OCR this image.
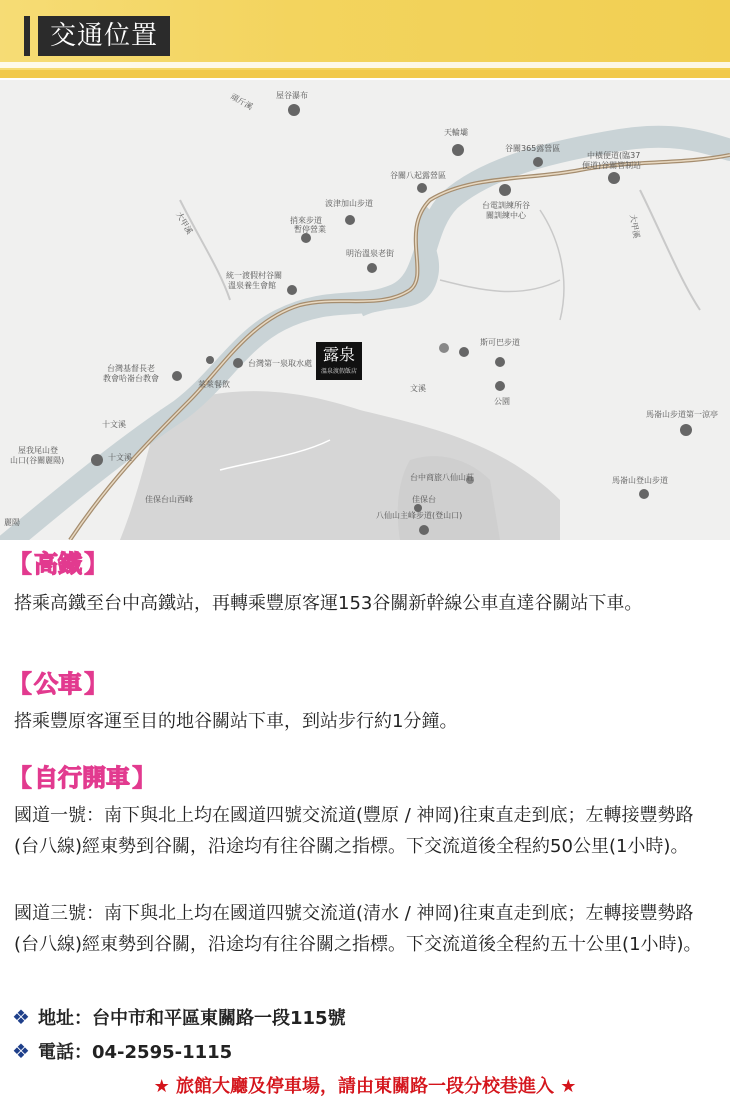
交通位置
屋谷瀑布
天輪壩
谷關365露營區
中橫便道(臨37
便道)谷關管制站
谷關八起露營區
波津加山步道
捎來步道
暫停營業
台電訓練所谷
關訓練中心
明治溫泉老街
統一渡假村谷關
溫泉養生會館
斯可巴步道
公園
台灣基督長老
教會哈崙台教會
台灣第一泉取水處
萊萊餐飲	文溪
十文溪
馬崙山步道第一涼亭
屋我尾山登
山口(谷關麗陽)	十文溪
台中商旅八仙山莊	馬崙山登山步道
佳保台山西峰	佳保台
八仙山主峰步道(登山口)
麗陽
大甲溪
頑斤溪
大甲溪
露泉
溫泉渡假飯店
【高鐵】
搭乘高鐵至台中高鐵站，再轉乘豐原客運153谷關新幹線公車直達谷關站下車。
【公車】
搭乘豐原客運至目的地谷關站下車，到站步行約1分鐘。
【自行開車】
國道一號：南下與北上均在國道四號交流道(豐原 / 神岡)往東直走到底；左轉接豐勢路(台八線)經東勢到谷關，沿途均有往谷關之指標。下交流道後全程約50公里(1小時)。
國道三號：南下與北上均在國道四號交流道(清水 / 神岡)往東直走到底；左轉接豐勢路(台八線)經東勢到谷關，沿途均有往谷關之指標。下交流道後全程約五十公里(1小時)。
❖ 地址：台中市和平區東關路一段115號
❖ 電話：04-2595-1115
★ 旅館大廳及停車場，請由東關路一段分校巷進入 ★
